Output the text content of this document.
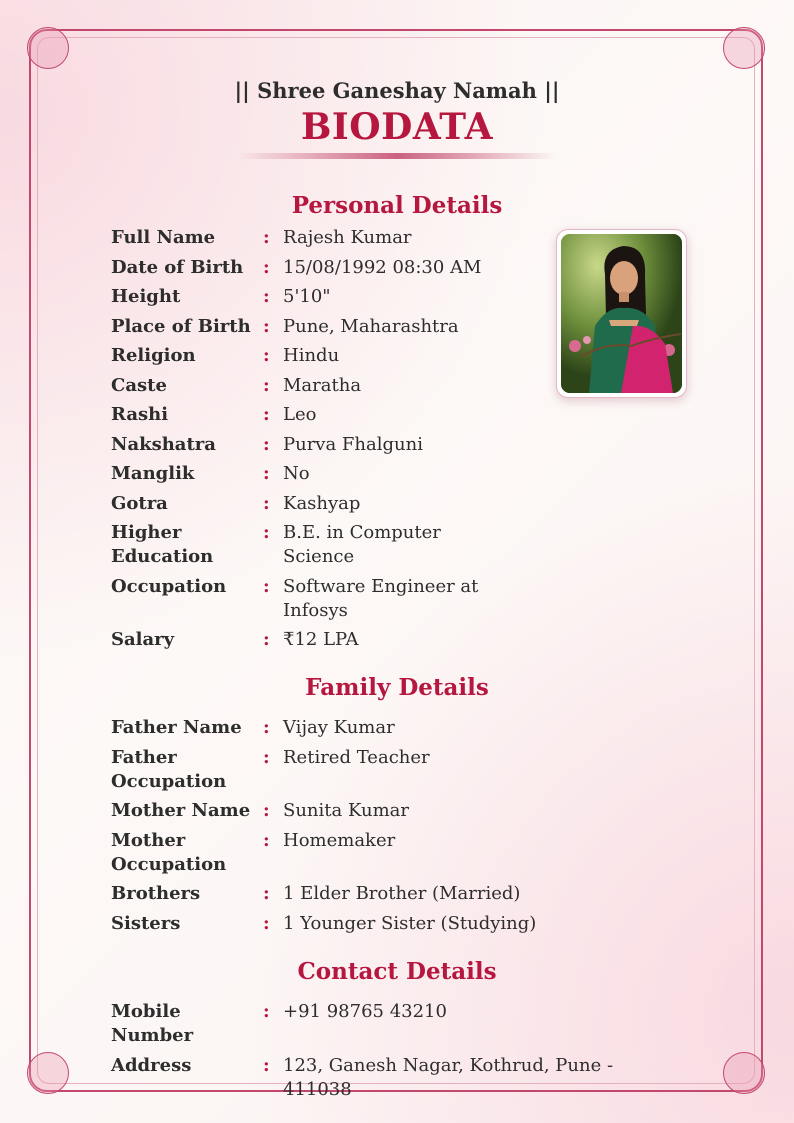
|| Shree Ganeshay Namah ||
BIODATA
Personal Details
Full Name	: Rajesh Kumar
Date of Birth	: 15/08/1992 08:30 AM
Height	: 5'10"
Place of Birth : Pune, Maharashtra
Religion	: Hindu
Caste	: Maratha
Rashi	: Leo
Nakshatra	: Purva Fhalguni
Manglik	: No
Gotra	: Kashyap
Higher Education
: B.E. in Computer Science
Occupation	: Software Engineer at Infosys
Salary	: ₹12 LPA
Family Details
Father Name	: Vijay Kumar
Father Occupation
: Retired Teacher
Mother Name : Sunita Kumar
Mother Occupation
: Homemaker
Brothers	: 1 Elder Brother (Married)
Sisters	: 1 Younger Sister (Studying)
Contact Details
Mobile Number
: +91 98765 43210
Address	: 123, Ganesh Nagar, Kothrud, Pune - 411038
